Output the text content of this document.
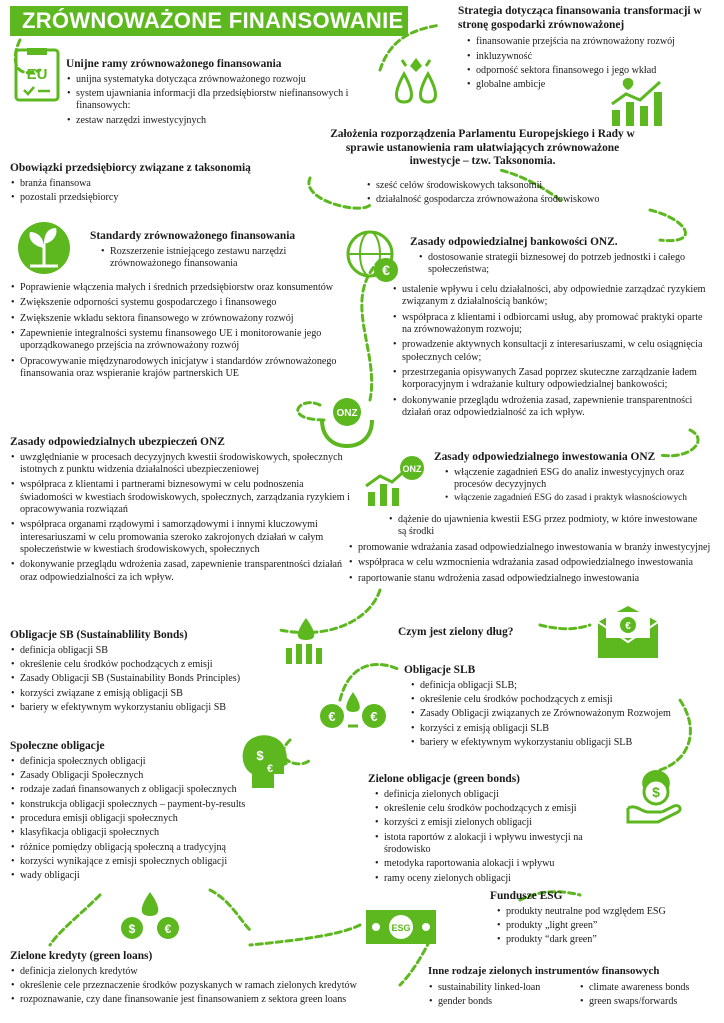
ZRÓWNOWAŻONE FINANSOWANIE
EU
Unijne ramy zrównoważonego finansowania
• unijna systematyka dotycząca zrównoważonego rozwoju
• system ujawniania informacji dla przedsiębiorstw niefinansowych i finansowych:
• zestaw narzędzi inwestycyjnych
Strategia dotycząca finansowania transformacji w stronę gospodarki zrównoważonej
• finansowanie przejścia na zrównoważony rozwój
• inkluzywność
• odporność sektora finansowego i jego wkład
• globalne ambicje
Założenia rozporządzenia Parlamentu Europejskiego i Rady w sprawie ustanowienia ram ułatwiających zrównoważone inwestycje – tzw. Taksonomia.
• sześć celów środowiskowych taksonomii
• działalność gospodarcza zrównoważona środowiskowo
Obowiązki przedsiębiorcy związane z taksonomią
• branża finansowa
• pozostali przedsiębiorcy
Standardy zrównoważonego finansowania
• Rozszerzenie istniejącego zestawu narzędzi zrównoważonego finansowania
• Poprawienie włączenia małych i średnich przedsiębiorstw oraz konsumentów
• Zwiększenie odporności systemu gospodarczego i finansowego
• Zwiększenie wkładu sektora finansowego w zrównoważony rozwój
• Zapewnienie integralności systemu finansowego UE i monitorowanie jego uporządkowanego przejścia na zrównoważony rozwój
• Opracowywanie międzynarodowych inicjatyw i standardów zrównoważonego finansowania oraz wspieranie krajów partnerskich UE
€
Zasady odpowiedzialnej bankowości ONZ.
• dostosowanie strategii biznesowej do potrzeb jednostki i całego społeczeństwa;
• ustalenie wpływu i celu działalności, aby odpowiednie zarządzać ryzykiem związanym z działalnością banków;
• współpraca z klientami i odbiorcami usług, aby promować praktyki oparte na zrównoważonym rozwoju;
• prowadzenie aktywnych konsultacji z interesariuszami, w celu osiągnięcia społecznych celów;
• przestrzegania opisywanych Zasad poprzez skuteczne zarządzanie ładem korporacyjnym i wdrażanie kultury odpowiedzialnej bankowości;
• dokonywanie przeglądu wdrożenia zasad, zapewnienie transparentności działań oraz odpowiedzialność za ich wpływ.
ONZ
Zasady odpowiedzialnych ubezpieczeń ONZ
• uwzględnianie w procesach decyzyjnych kwestii środowiskowych, społecznych istotnych z punktu widzenia działalności ubezpieczeniowej
• współpraca z klientami i partnerami biznesowymi w celu podnoszenia świadomości w kwestiach środowiskowych, społecznych, zarządzania ryzykiem i opracowywania rozwiązań
• współpraca organami rządowymi i samorządowymi i innymi kluczowymi interesariuszami w celu promowania szeroko zakrojonych działań w całym społeczeństwie w kwestiach środowiskowych, społecznych
• dokonywanie przeglądu wdrożenia zasad, zapewnienie transparentności działań oraz odpowiedzialności za ich wpływ.
ONZ
Zasady odpowiedzialnego inwestowania ONZ
• włączenie zagadnień ESG do analiz inwestycyjnych oraz procesów decyzyjnych
• włączenie zagadnień ESG do zasad i praktyk własnościowych
• dążenie do ujawnienia kwestii ESG przez podmioty, w które inwestowane są środki
• promowanie wdrażania zasad odpowiedzialnego inwestowania w branży inwestycyjnej
• współpraca w celu wzmocnienia wdrażania zasad odpowiedzialnego inwestowania
• raportowanie stanu wdrożenia zasad odpowiedzialnego inwestowania
Czym jest zielony dług?	€
Obligacje SB (Sustainablility Bonds)
• definicja obligacji SB
• określenie celu środków pochodzących z emisji
• Zasady Obligacji SB (Sustainability Bonds Principles)
• korzyści związane z emisją obligacji SB
• bariery w efektywnym wykorzystaniu obligacji SB
€	€
Obligacje SLB
• definicja obligacji SLB;
• określenie celu środków pochodzących z emisji
• Zasady Obligacji związanych ze Zrównoważonym Rozwojem
• korzyści z emisją obligacji SLB
• bariery w efektywnym wykorzystaniu obligacji SLB
$
€
Społeczne obligacje
• definicja społecznych obligacji
• Zasady Obligacji Społecznych
• rodzaje zadań finansowanych z obligacji społecznych
• konstrukcja obligacji społecznych – payment-by-results
• procedura emisji obligacji społecznych
• klasyfikacja obligacji społecznych
• różnice pomiędzy obligacją społeczną a tradycyjną
• korzyści wynikające z emisji społecznych obligacji
• wady obligacji
Zielone obligacje (green bonds)
• definicja zielonych obligacji
• określenie celu środków pochodzących z emisji
• korzyści z emisji zielonych obligacji
• istota raportów z alokacji i wpływu inwestycji na środowisko
• metodyka raportowania alokacji i wpływu
• ramy oceny zielonych obligacji
$
$ €	ESG
Fundusze ESG
• produkty neutralne pod względem ESG
• produkty „light green”
• produkty “dark green”
Zielone kredyty (green loans)
• definicja zielonych kredytów
• określenie cele przeznaczenie środków pozyskanych w ramach zielonych kredytów
• rozpoznawanie, czy dane finansowanie jest finansowaniem z sektora green loans
Inne rodzaje zielonych instrumentów finansowych
• sustainability linked-loan
• gender bonds
• climate awareness bonds
• green swaps/forwards
